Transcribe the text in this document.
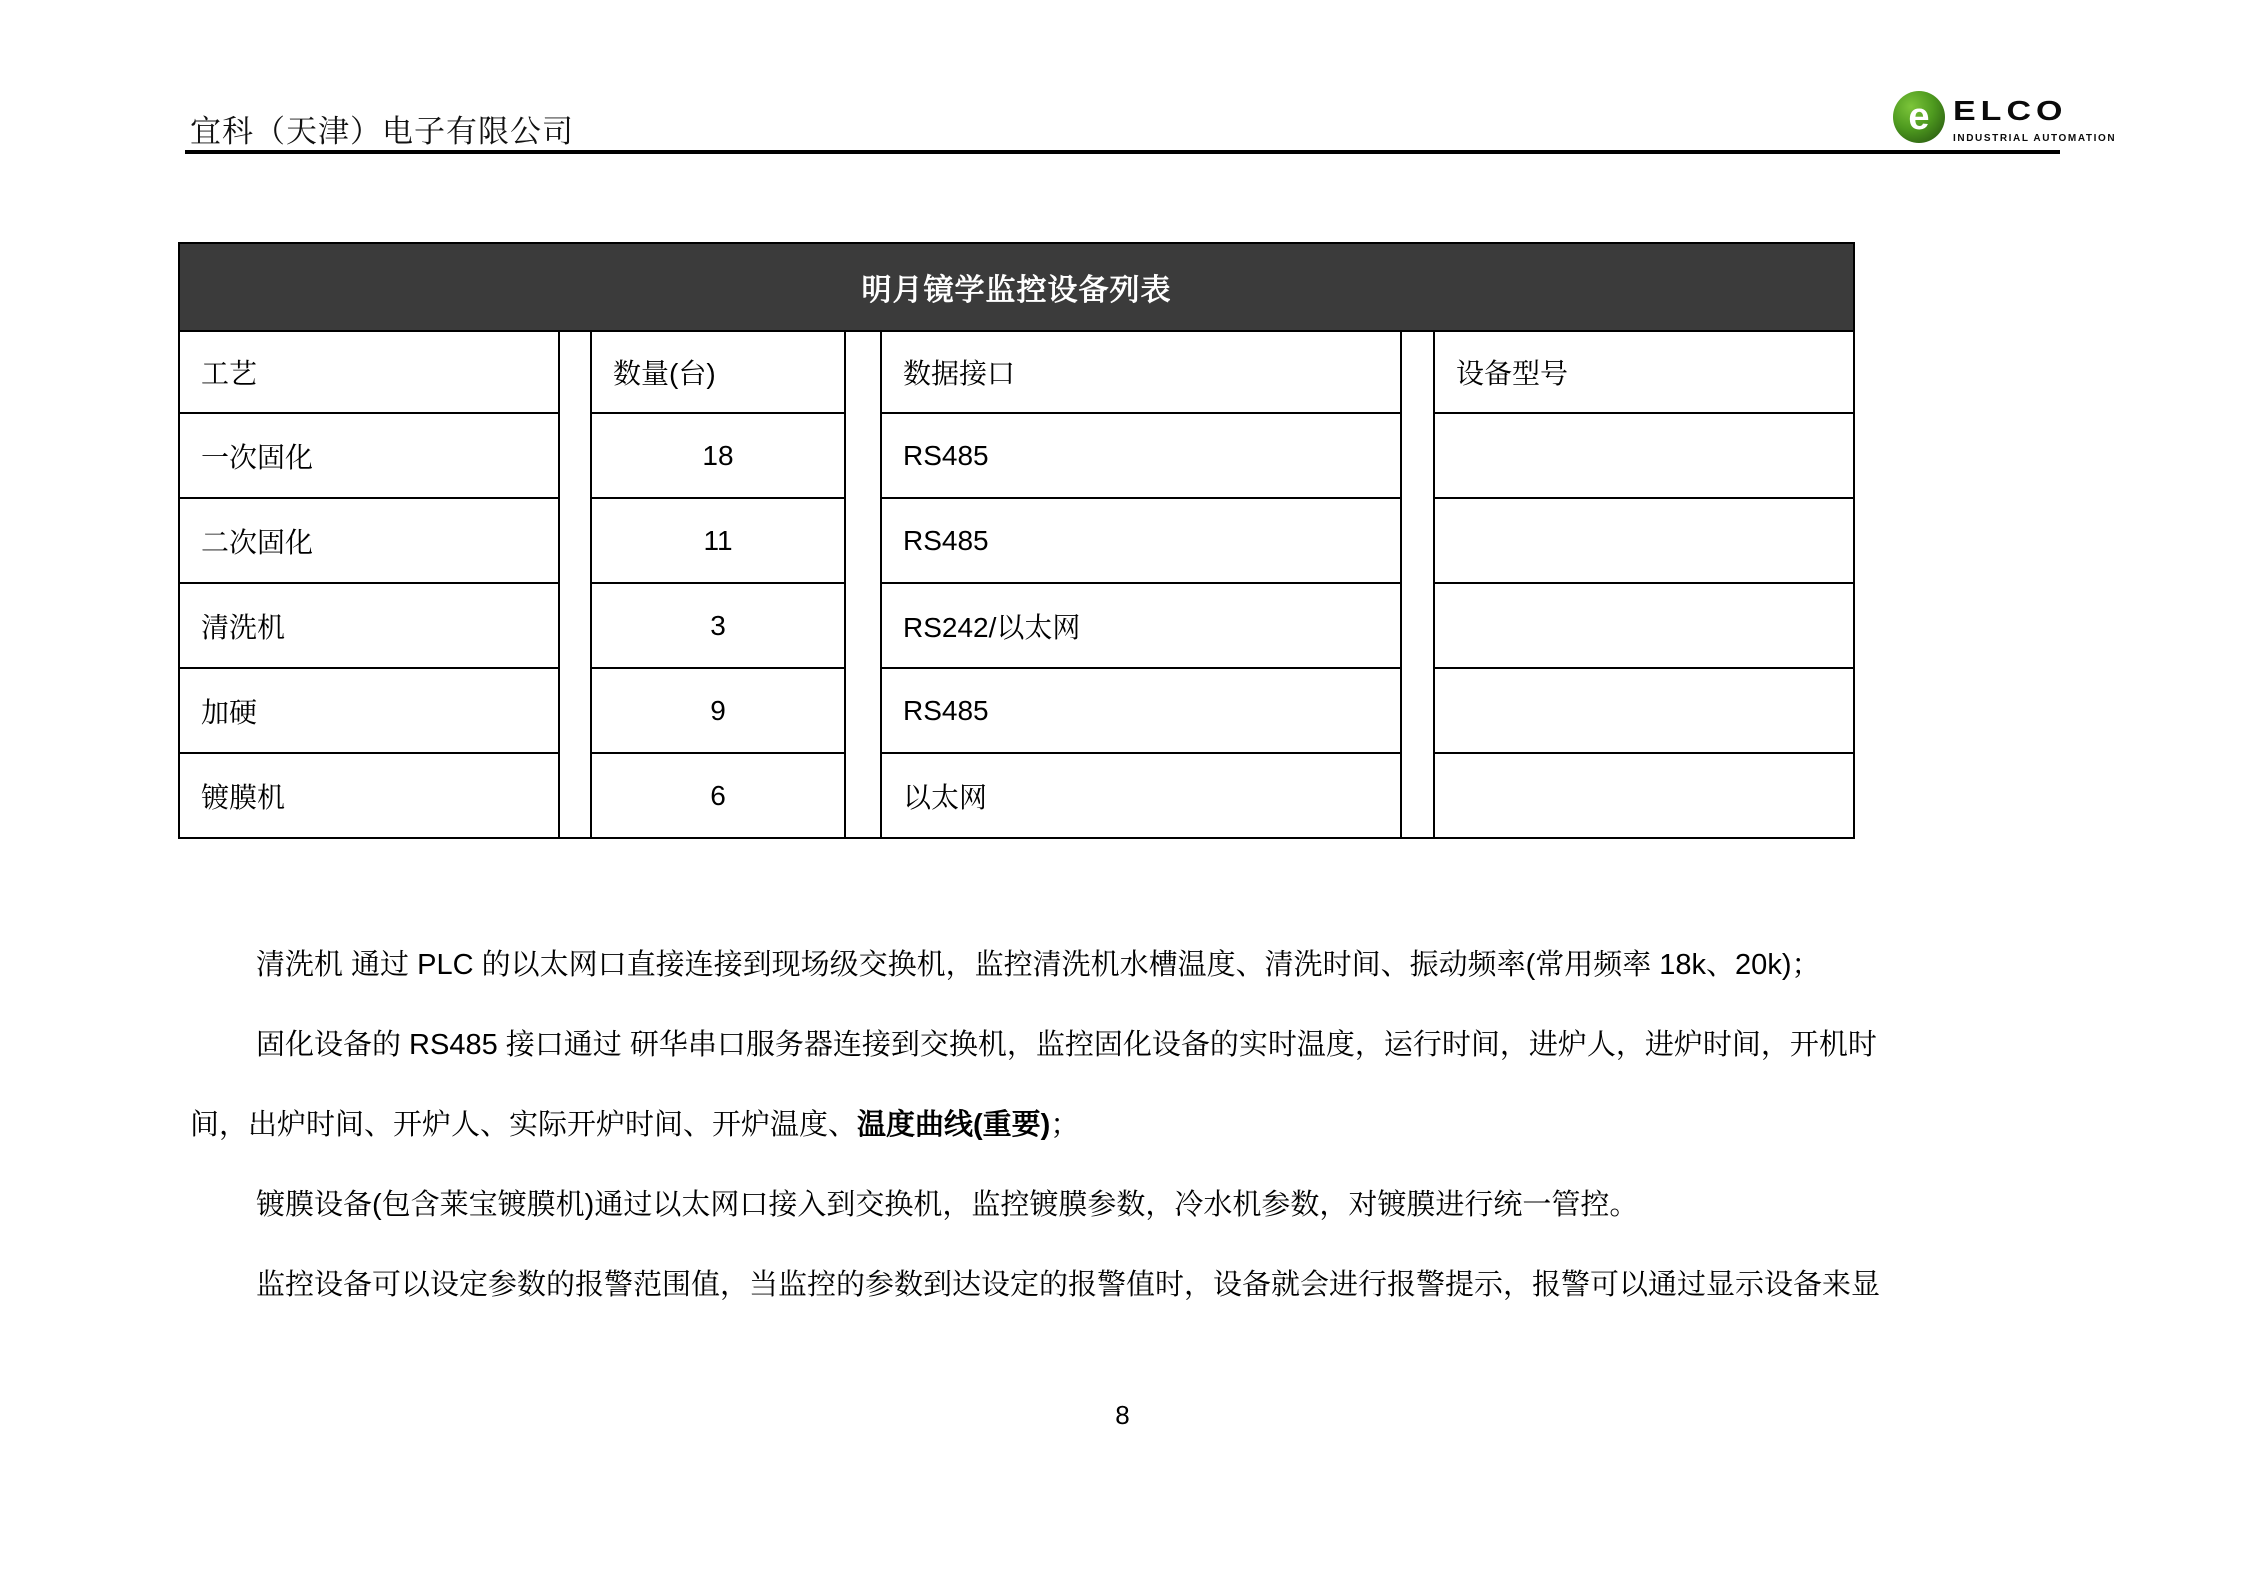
宜科（天津）电子有限公司	e ELCO
INDUSTRIAL AUTOMATION
明月镜学监控设备列表						
工艺		数量(台)		数据接口		设备型号
一次固化		18		RS485		
二次固化		11		RS485		
清洗机		3		RS242/以太网		
加硬		9		RS485		
镀膜机		6		以太网		
清洗机 通过 PLC 的以太网口直接连接到现场级交换机，监控清洗机水槽温度、清洗时间、振动频率(常用频率 18k、20k)；
固化设备的 RS485 接口通过 研华串口服务器连接到交换机，监控固化设备的实时温度，运行时间，进炉人，进炉时间，开机时
间，出炉时间、开炉人、实际开炉时间、开炉温度、温度曲线(重要)；
镀膜设备(包含莱宝镀膜机)通过以太网口接入到交换机，监控镀膜参数，冷水机参数，对镀膜进行统一管控。
监控设备可以设定参数的报警范围值，当监控的参数到达设定的报警值时，设备就会进行报警提示，报警可以通过显示设备来显
8
